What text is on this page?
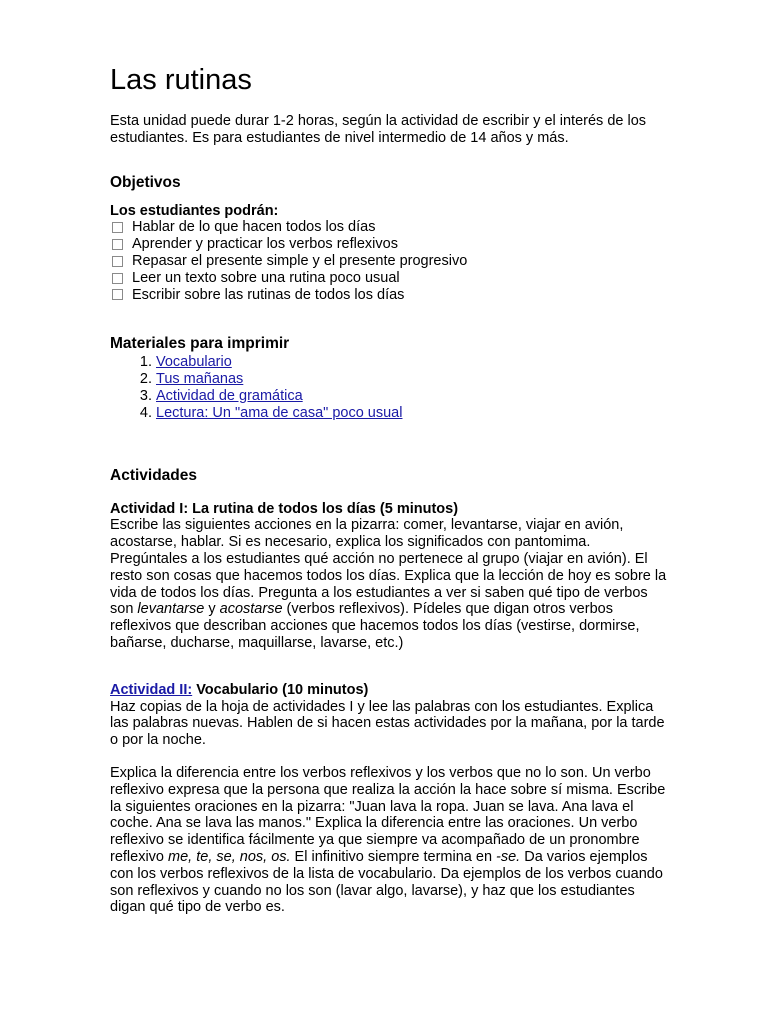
Las rutinas

Esta unidad puede durar 1-2 horas, según la actividad de escribir y el interés de los estudiantes. Es para estudiantes de nivel intermedio de 14 años y más.

Objetivos
Los estudiantes podrán:
Hablar de lo que hacen todos los días
Aprender y practicar los verbos reflexivos
Repasar el presente simple y el presente progresivo
Leer un texto sobre una rutina poco usual
Escribir sobre las rutinas de todos los días
Materiales para imprimir
1. Vocabulario
2. Tus mañanas
3. Actividad de gramática
4. Lectura: Un "ama de casa" poco usual
Actividades
Actividad I: La rutina de todos los días (5 minutos)

Escribe las siguientes acciones en la pizarra: comer, levantarse, viajar en avión, acostarse, hablar. Si es necesario, explica los significados con pantomima. Pregúntales a los estudiantes qué acción no pertenece al grupo (viajar en avión). El resto son cosas que hacemos todos los días. Explica que la lección de hoy es sobre la vida de todos los días. Pregunta a los estudiantes a ver si saben qué tipo de verbos son levantarse y acostarse (verbos reflexivos). Pídeles que digan otros verbos reflexivos que describan acciones que hacemos todos los días (vestirse, dormirse, bañarse, ducharse, maquillarse, lavarse, etc.)

Actividad II: Vocabulario (10 minutos)

Haz copias de la hoja de actividades I y lee las palabras con los estudiantes. Explica las palabras nuevas. Hablen de si hacen estas actividades por la mañana, por la tarde o por la noche.

Explica la diferencia entre los verbos reflexivos y los verbos que no lo son. Un verbo reflexivo expresa que la persona que realiza la acción la hace sobre sí misma. Escribe la siguientes oraciones en la pizarra: "Juan lava la ropa. Juan se lava. Ana lava el coche. Ana se lava las manos." Explica la diferencia entre las oraciones. Un verbo reflexivo se identifica fácilmente ya que siempre va acompañado de un pronombre reflexivo me, te, se, nos, os. El infinitivo siempre termina en -se. Da varios ejemplos con los verbos reflexivos de la lista de vocabulario. Da ejemplos de los verbos cuando son reflexivos y cuando no los son (lavar algo, lavarse), y haz que los estudiantes digan qué tipo de verbo es.
